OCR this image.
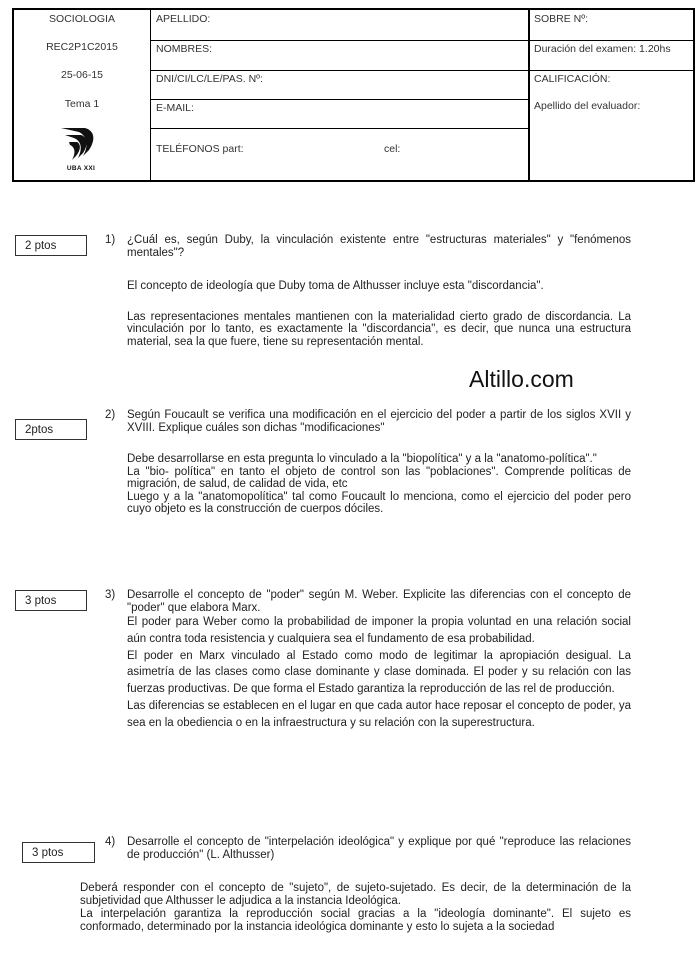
SOCIOLOGIA
REC2P1C2015
25-06-15
Tema 1
UBA XXI
APELLIDO:
NOMBRES:
DNI/CI/LC/LE/PAS. Nº:
E-MAIL:
TELÉFONOS part:	cel:
SOBRE Nº:
Duración del examen: 1.20hs
CALIFICACIÓN:
Apellido del evaluador:
2 ptos	1) ¿Cuál es, según Duby, la vinculación existente entre "estructuras materiales" y "fenómenos mentales"?

El concepto de ideología que Duby toma de Althusser incluye esta "discordancia".

Las representaciones mentales mantienen con la materialidad cierto grado de discordancia. La vinculación por lo tanto, es exactamente la "discordancia", es decir, que nunca una estructura material, sea la que fuere, tiene su representación mental.

Altillo.com
2ptos
2) Según Foucault se verifica una modificación en el ejercicio del poder a partir de los siglos XVII y XVIII. Explique cuáles son dichas "modificaciones"

Debe desarrollarse en esta pregunta lo vinculado a la "biopolítica" y a la "anatomo-política"."

La "bio- política" en tanto el objeto de control son las "poblaciones". Comprende políticas de migración, de salud, de calidad de vida, etc

Luego y a la "anatomopolítica" tal como Foucault lo menciona, como el ejercicio del poder pero cuyo objeto es la construcción de cuerpos dóciles.

3 ptos	3) Desarrolle el concepto de "poder" según M. Weber. Explicite las diferencias con el concepto de "poder" que elabora Marx.

El poder para Weber como la probabilidad de imponer la propia voluntad en una relación social aún contra toda resistencia y cualquiera sea el fundamento de esa probabilidad.

El poder en Marx vinculado al Estado como modo de legitimar la apropiación desigual. La asimetría de las clases como clase dominante y clase dominada. El poder y su relación con las fuerzas productivas. De que forma el Estado garantiza la reproducción de las rel de producción.

Las diferencias se establecen en el lugar en que cada autor hace reposar el concepto de poder, ya sea en la obediencia o en la infraestructura y su relación con la superestructura.

3 ptos
4) Desarrolle el concepto de "interpelación ideológica" y explique por qué "reproduce las relaciones de producción" (L. Althusser)

Deberá responder con el concepto de "sujeto", de sujeto-sujetado. Es decir, de la determinación de la subjetividad que Althusser le adjudica a la instancia Ideológica.

La interpelación garantiza la reproducción social gracias a la "ideología dominante". El sujeto es conformado, determinado por la instancia ideológica dominante y esto lo sujeta a la sociedad
